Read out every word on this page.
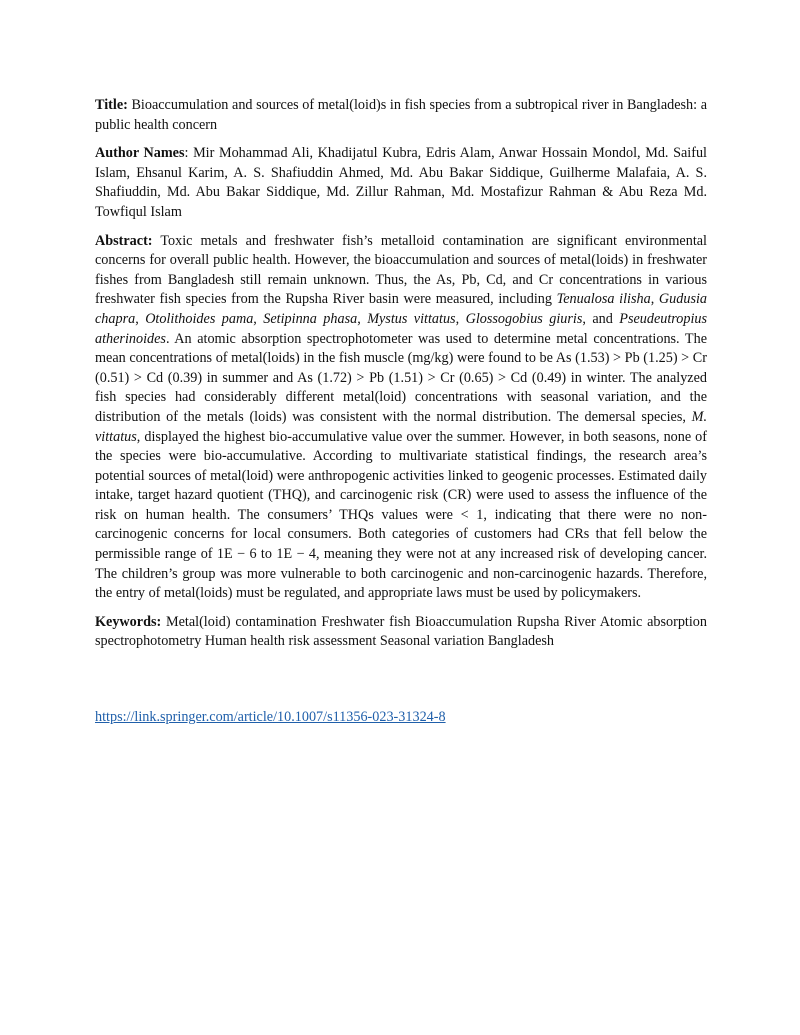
Title: Bioaccumulation and sources of metal(loid)s in fish species from a subtropical river in Bangladesh: a public health concern

Author Names: Mir Mohammad Ali, Khadijatul Kubra, Edris Alam, Anwar Hossain Mondol, Md. Saiful Islam, Ehsanul Karim, A. S. Shafiuddin Ahmed, Md. Abu Bakar Siddique, Guilherme Malafaia, A. S. Shafiuddin, Md. Abu Bakar Siddique, Md. Zillur Rahman, Md. Mostafizur Rahman & Abu Reza Md. Towfiqul Islam

Abstract: Toxic metals and freshwater fish’s metalloid contamination are significant environmental concerns for overall public health. However, the bioaccumulation and sources of metal(loids) in freshwater fishes from Bangladesh still remain unknown. Thus, the As, Pb, Cd, and Cr concentrations in various freshwater fish species from the Rupsha River basin were measured, including Tenualosa ilisha, Gudusia chapra, Otolithoides pama, Setipinna phasa, Mystus vittatus, Glossogobius giuris, and Pseudeutropius atherinoides. An atomic absorption spectrophotometer was used to determine metal concentrations. The mean concentrations of metal(loids) in the fish muscle (mg/kg) were found to be As (1.53) > Pb (1.25) > Cr (0.51) > Cd (0.39) in summer and As (1.72) > Pb (1.51) > Cr (0.65) > Cd (0.49) in winter. The analyzed fish species had considerably different metal(loid) concentrations with seasonal variation, and the distribution of the metals (loids) was consistent with the normal distribution. The demersal species, M. vittatus, displayed the highest bio-accumulative value over the summer. However, in both seasons, none of the species were bio-accumulative. According to multivariate statistical findings, the research area’s potential sources of metal(loid) were anthropogenic activities linked to geogenic processes. Estimated daily intake, target hazard quotient (THQ), and carcinogenic risk (CR) were used to assess the influence of the risk on human health. The consumers’ THQs values were < 1, indicating that there were no non-carcinogenic concerns for local consumers. Both categories of customers had CRs that fell below the permissible range of 1E − 6 to 1E − 4, meaning they were not at any increased risk of developing cancer. The children’s group was more vulnerable to both carcinogenic and non-carcinogenic hazards. Therefore, the entry of metal(loids) must be regulated, and appropriate laws must be used by policymakers.

Keywords: Metal(loid) contamination Freshwater fish Bioaccumulation Rupsha River Atomic absorption spectrophotometry Human health risk assessment Seasonal variation Bangladesh

https://link.springer.com/article/10.1007/s11356-023-31324-8
